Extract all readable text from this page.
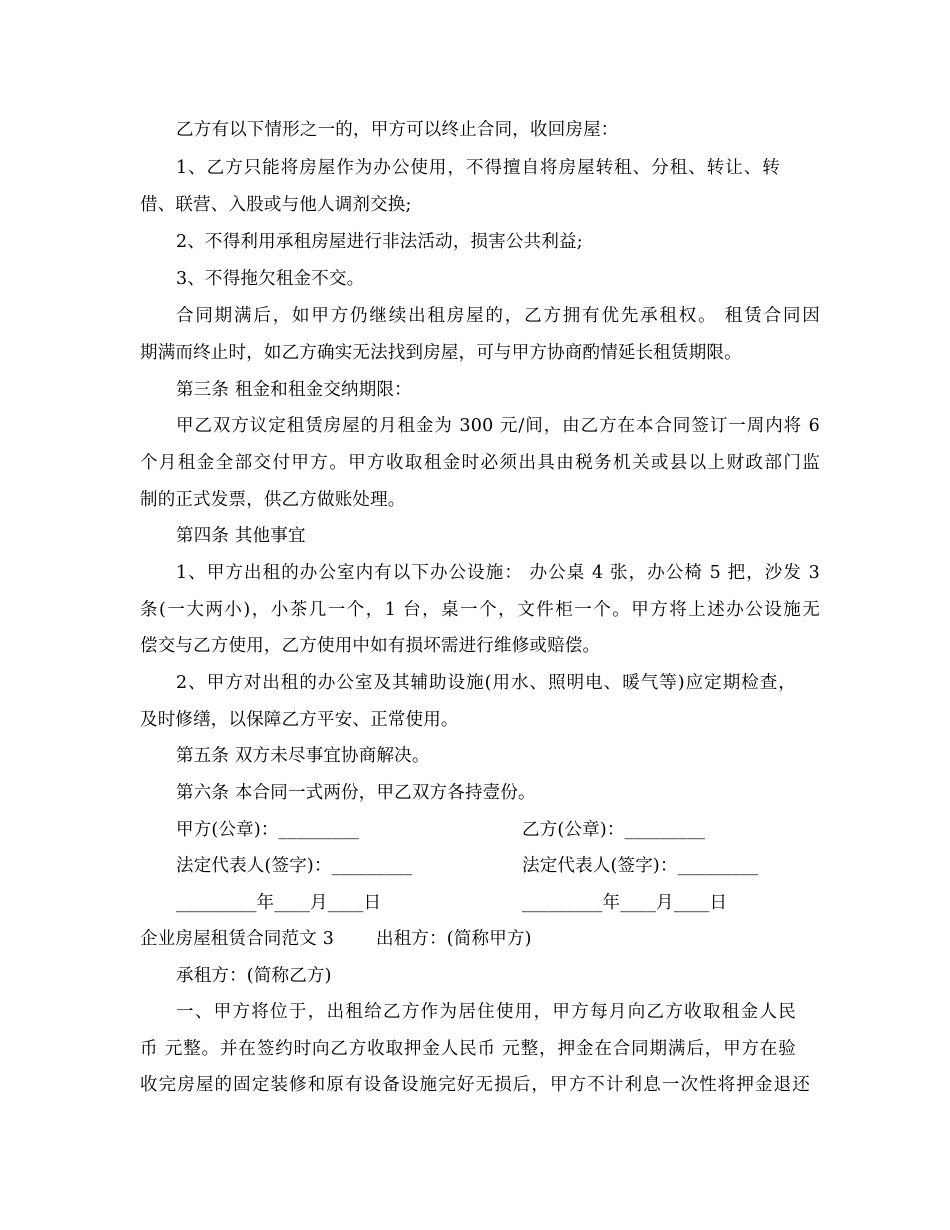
乙方有以下情形之一的，甲方可以终止合同，收回房屋：
1、乙方只能将房屋作为办公使用，不得擅自将房屋转租、分租、转让、转
借、联营、入股或与他人调剂交换;
2、不得利用承租房屋进行非法活动，损害公共利益;
3、不得拖欠租金不交。
合同期满后，如甲方仍继续出租房屋的，乙方拥有优先承租权。 租赁合同因
期满而终止时，如乙方确实无法找到房屋，可与甲方协商酌情延长租赁期限。
第三条 租金和租金交纳期限：
甲乙双方议定租赁房屋的月租金为 300 元/间，由乙方在本合同签订一周内将 6
个月租金全部交付甲方。甲方收取租金时必须出具由税务机关或县以上财政部门监
制的正式发票，供乙方做账处理。
第四条 其他事宜
1、甲方出租的办公室内有以下办公设施： 办公桌 4 张，办公椅 5 把，沙发 3
条(一大两小)，小茶几一个，1 台，桌一个，文件柜一个。甲方将上述办公设施无
偿交与乙方使用，乙方使用中如有损坏需进行维修或赔偿。
2、甲方对出租的办公室及其辅助设施(用水、照明电、暖气等)应定期检查，
及时修缮，以保障乙方平安、正常使用。
第五条 双方未尽事宜协商解决。
第六条 本合同一式两份，甲乙双方各持壹份。
甲方(公章)：_________	乙方(公章)：_________
法定代表人(签字)：_________	法定代表人(签字)：_________
_________年____月____日	_________年____月____日
企业房屋租赁合同范文 3 出租方：(简称甲方)
承租方：(简称乙方)
一、甲方将位于，出租给乙方作为居住使用，甲方每月向乙方收取租金人民
币 元整。并在签约时向乙方收取押金人民币 元整，押金在合同期满后，甲方在验
收完房屋的固定装修和原有设备设施完好无损后，甲方不计利息一次性将押金退还
